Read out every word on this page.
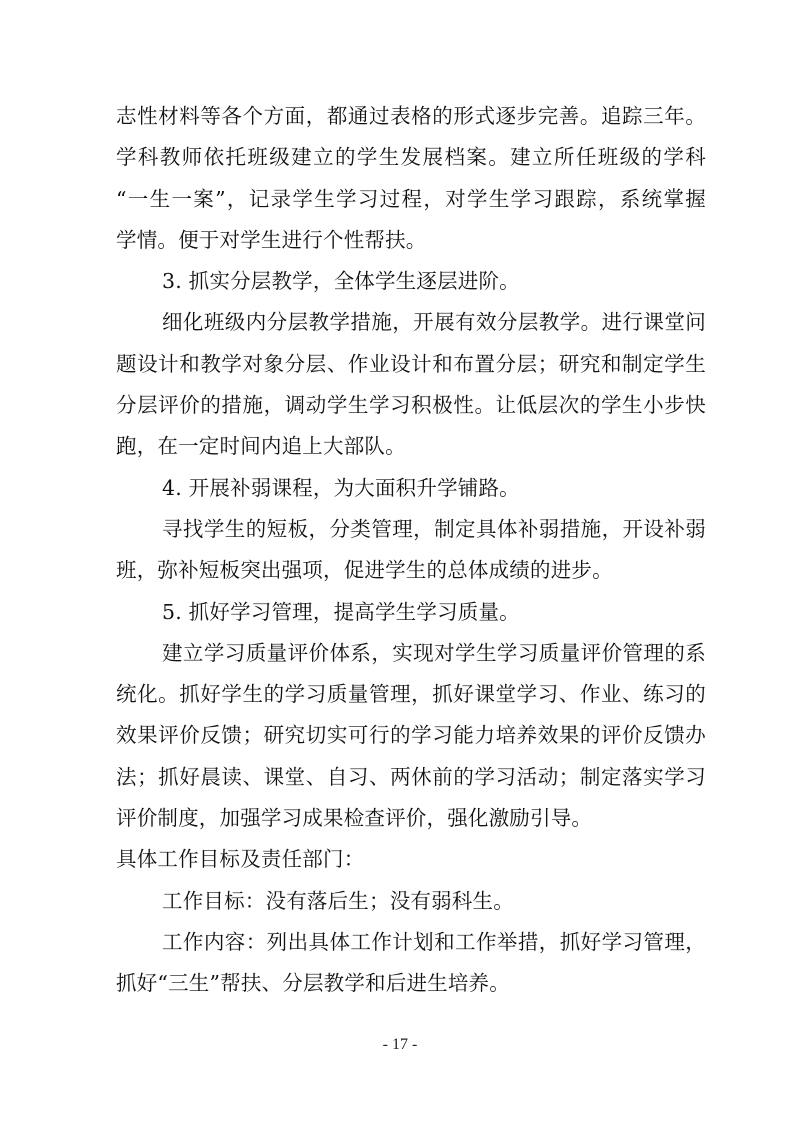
志性材料等各个方面，都通过表格的形式逐步完善。追踪三年。
学科教师依托班级建立的学生发展档案。建立所任班级的学科
“一生一案”，记录学生学习过程，对学生学习跟踪，系统掌握
学情。便于对学生进行个性帮扶。
3. 抓实分层教学，全体学生逐层进阶。
细化班级内分层教学措施，开展有效分层教学。进行课堂问
题设计和教学对象分层、作业设计和布置分层；研究和制定学生
分层评价的措施，调动学生学习积极性。让低层次的学生小步快
跑，在一定时间内追上大部队。
4. 开展补弱课程，为大面积升学铺路。
寻找学生的短板，分类管理，制定具体补弱措施，开设补弱
班，弥补短板突出强项，促进学生的总体成绩的进步。
5. 抓好学习管理，提高学生学习质量。
建立学习质量评价体系，实现对学生学习质量评价管理的系
统化。抓好学生的学习质量管理，抓好课堂学习、作业、练习的
效果评价反馈；研究切实可行的学习能力培养效果的评价反馈办
法；抓好晨读、课堂、自习、两休前的学习活动；制定落实学习
评价制度，加强学习成果检查评价，强化激励引导。
具体工作目标及责任部门：
工作目标：没有落后生；没有弱科生。
工作内容：列出具体工作计划和工作举措，抓好学习管理，
抓好“三生”帮扶、分层教学和后进生培养。
- 17 -
